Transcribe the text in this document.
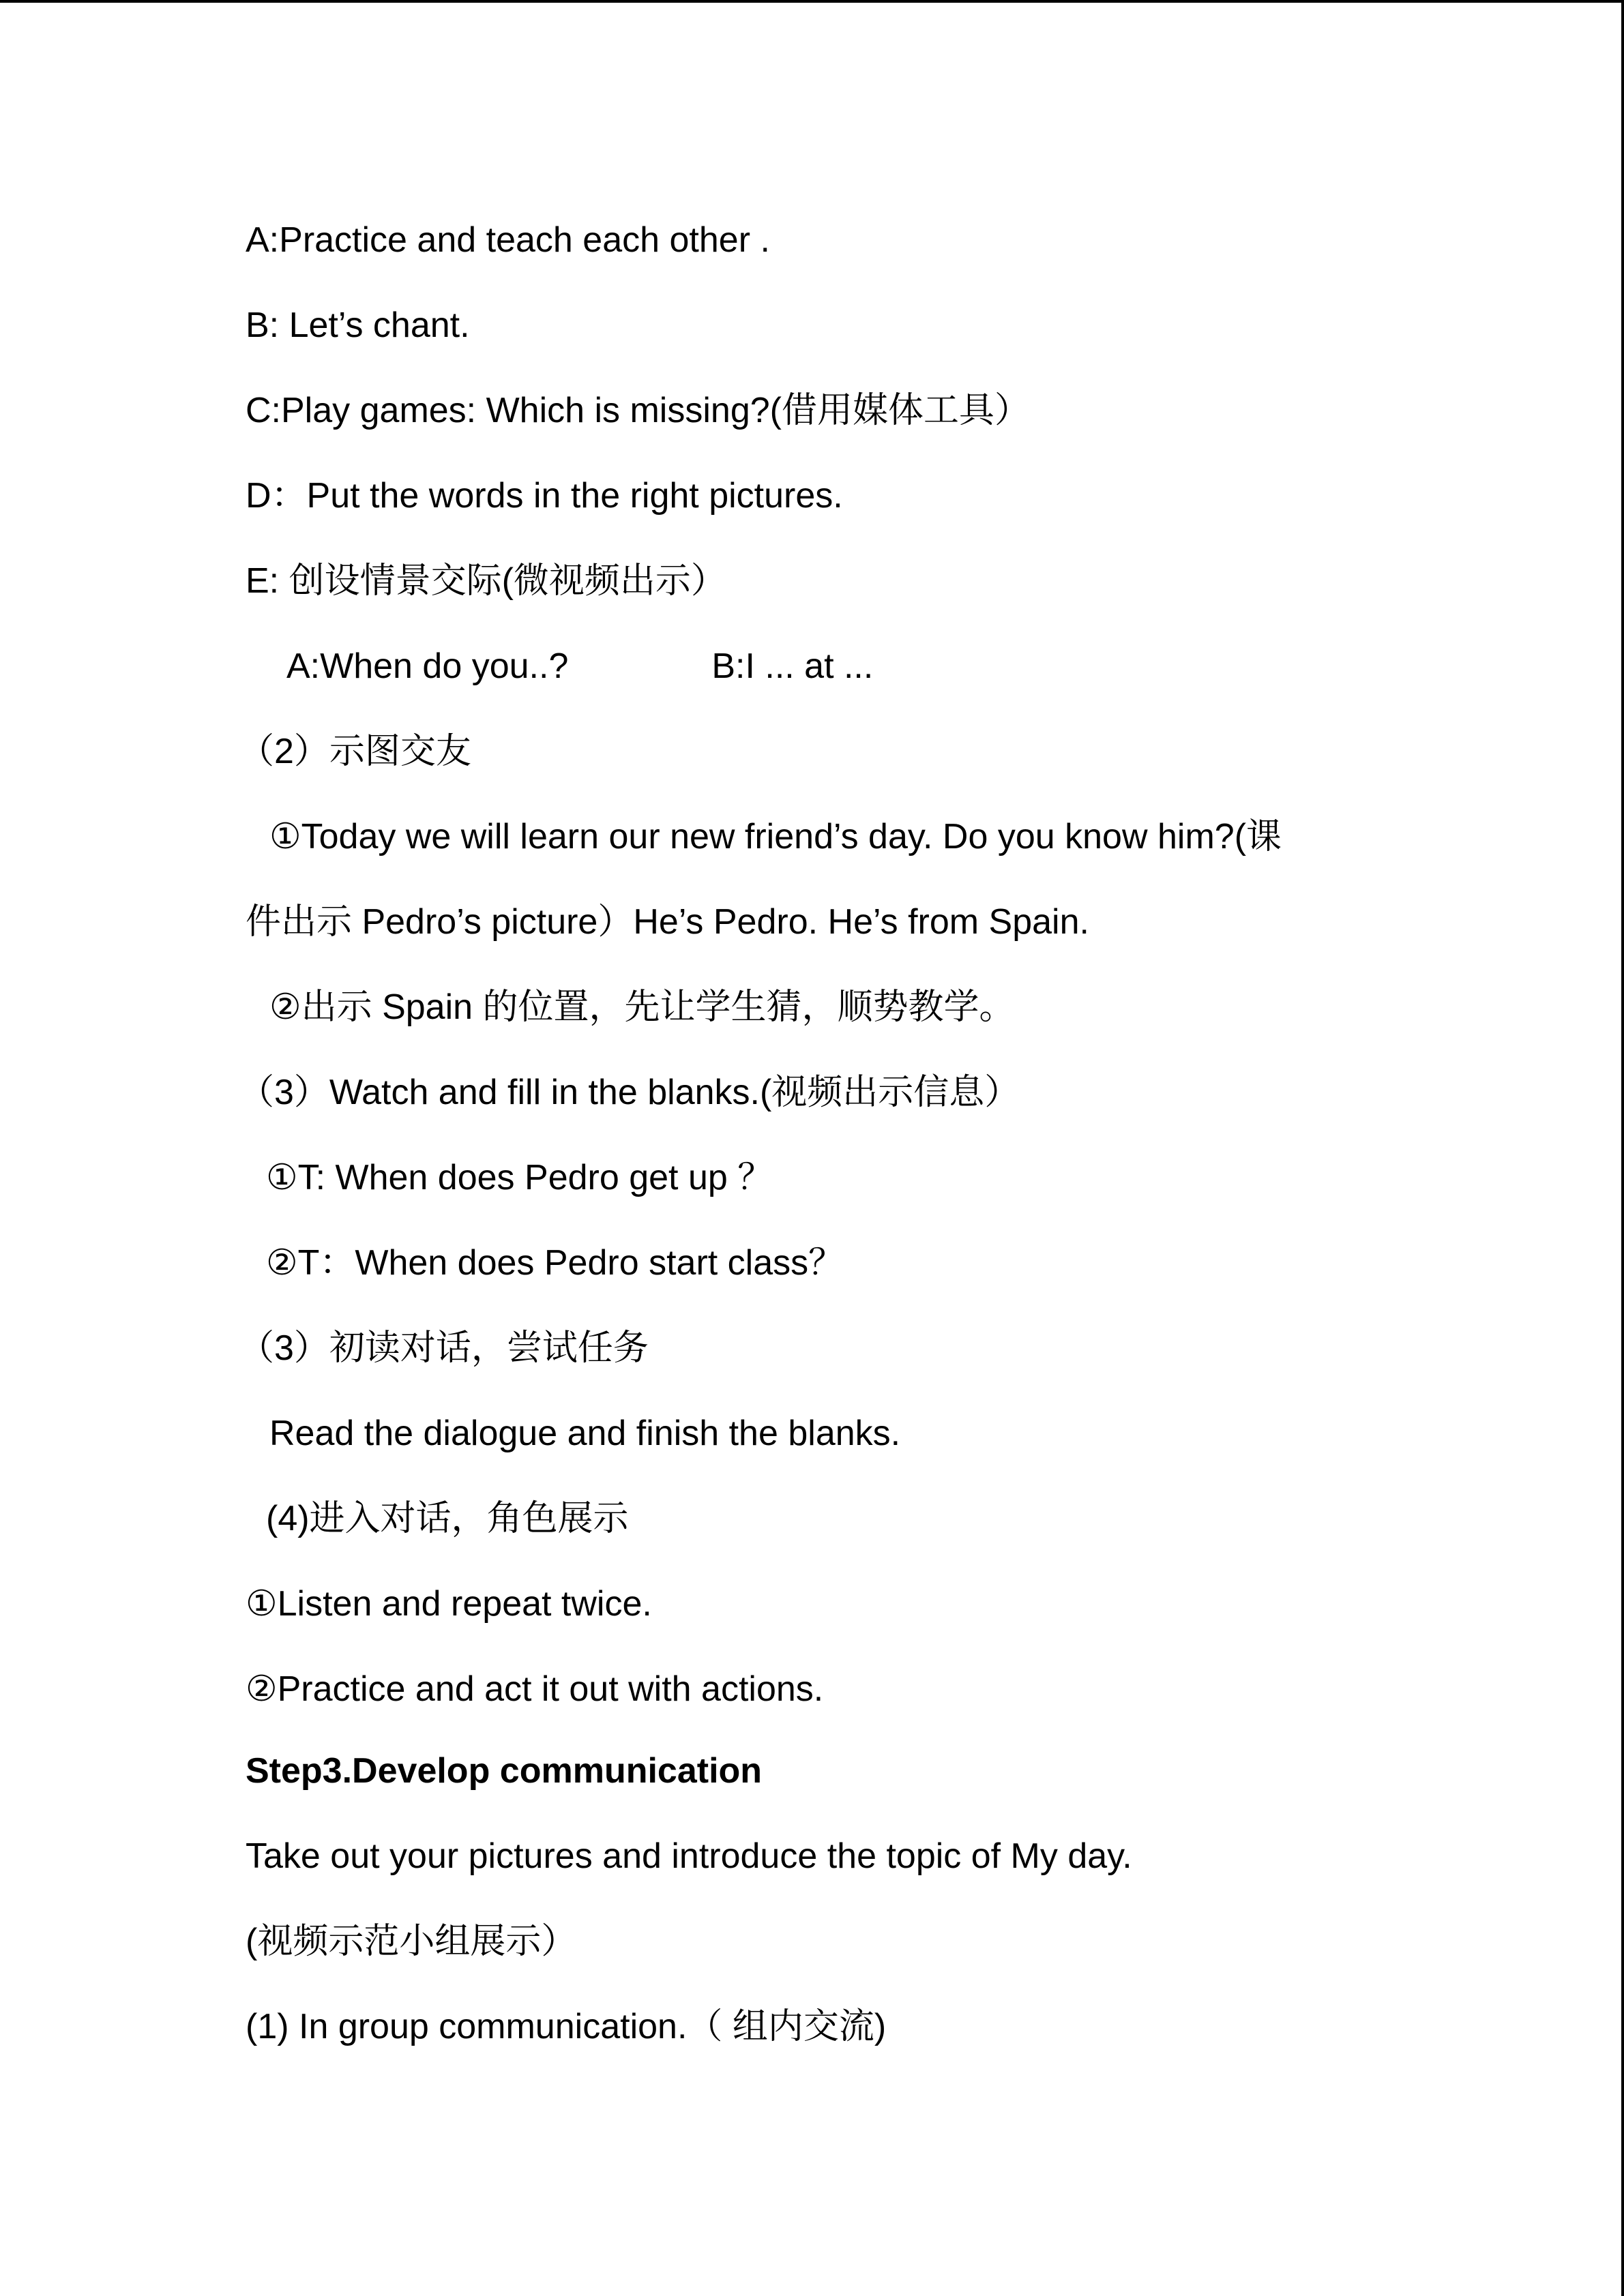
A:Practice and teach each other .
B: Let’s chant.
C:Play games: Which is missing?(借用媒体工具）
D：Put the words in the right pictures.
E: 创设情景交际(微视频出示）
A:When do you..?	B:I ... at ...
（2）示图交友
①Today we will learn our new friend’s day. Do you know him?(课
件出示 Pedro’s picture）He’s Pedro. He’s from Spain.
②出示 Spain 的位置，先让学生猜，顺势教学。
（3）Watch and fill in the blanks.(视频出示信息）
①T: When does Pedro get up ？
②T：When does Pedro start class？
（3）初读对话，尝试任务
Read the dialogue and finish the blanks.
(4)进入对话，角色展示
①Listen and repeat twice.
②Practice and act it out with actions.
Step3.Develop communication
Take out your pictures and introduce the topic of My day.
(视频示范小组展示）
(1) In group communication.（ 组内交流)
